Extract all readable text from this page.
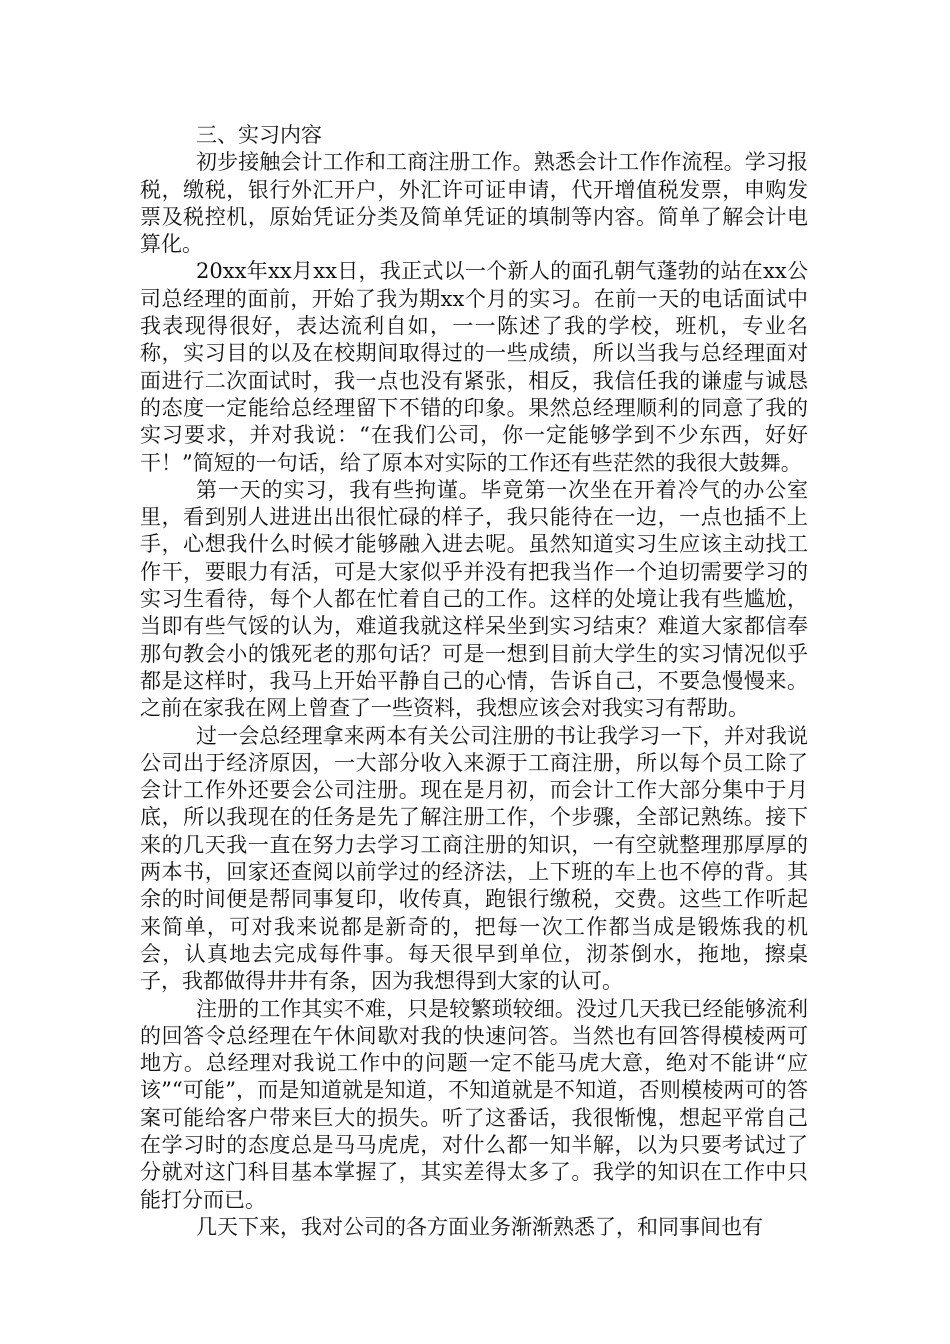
三、实习内容

初步接触会计工作和工商注册工作。熟悉会计工作作流程。学习报税，缴税，银行外汇开户，外汇许可证申请，代开增值税发票，申购发票及税控机，原始凭证分类及简单凭证的填制等内容。简单了解会计电算化。

20xx年xx月xx日，我正式以一个新人的面孔朝气蓬勃的站在xx公司总经理的面前，开始了我为期xx个月的实习。在前一天的电话面试中我表现得很好，表达流利自如，一一陈述了我的学校，班机，专业名称，实习目的以及在校期间取得过的一些成绩，所以当我与总经理面对面进行二次面试时，我一点也没有紧张，相反，我信任我的谦虚与诚恳的态度一定能给总经理留下不错的印象。果然总经理顺利的同意了我的实习要求，并对我说：“在我们公司，你一定能够学到不少东西，好好干！”简短的一句话，给了原本对实际的工作还有些茫然的我很大鼓舞。

第一天的实习，我有些拘谨。毕竟第一次坐在开着冷气的办公室里，看到别人进进出出很忙碌的样子，我只能待在一边，一点也插不上手，心想我什么时候才能够融入进去呢。虽然知道实习生应该主动找工作干，要眼力有活，可是大家似乎并没有把我当作一个迫切需要学习的实习生看待，每个人都在忙着自己的工作。这样的处境让我有些尴尬，当即有些气馁的认为，难道我就这样呆坐到实习结束？难道大家都信奉那句教会小的饿死老的那句话？可是一想到目前大学生的实习情况似乎都是这样时，我马上开始平静自己的心情，告诉自己，不要急慢慢来。之前在家我在网上曾查了一些资料，我想应该会对我实习有帮助。

过一会总经理拿来两本有关公司注册的书让我学习一下，并对我说公司出于经济原因，一大部分收入来源于工商注册，所以每个员工除了会计工作外还要会公司注册。现在是月初，而会计工作大部分集中于月底，所以我现在的任务是先了解注册工作，个步骤，全部记熟练。接下来的几天我一直在努力去学习工商注册的知识，一有空就整理那厚厚的两本书，回家还查阅以前学过的经济法，上下班的车上也不停的背。其余的时间便是帮同事复印，收传真，跑银行缴税，交费。这些工作听起来简单，可对我来说都是新奇的，把每一次工作都当成是锻炼我的机会，认真地去完成每件事。每天很早到单位，沏茶倒水，拖地，擦桌子，我都做得井井有条，因为我想得到大家的认可。

注册的工作其实不难，只是较繁琐较细。没过几天我已经能够流利的回答令总经理在午休间歇对我的快速问答。当然也有回答得模棱两可地方。总经理对我说工作中的问题一定不能马虎大意，绝对不能讲“应该”“可能”，而是知道就是知道，不知道就是不知道，否则模棱两可的答案可能给客户带来巨大的损失。听了这番话，我很惭愧，想起平常自己在学习时的态度总是马马虎虎，对什么都一知半解，以为只要考试过了分就对这门科目基本掌握了，其实差得太多了。我学的知识在工作中只能打分而已。

几天下来，我对公司的各方面业务渐渐熟悉了，和同事间也有
